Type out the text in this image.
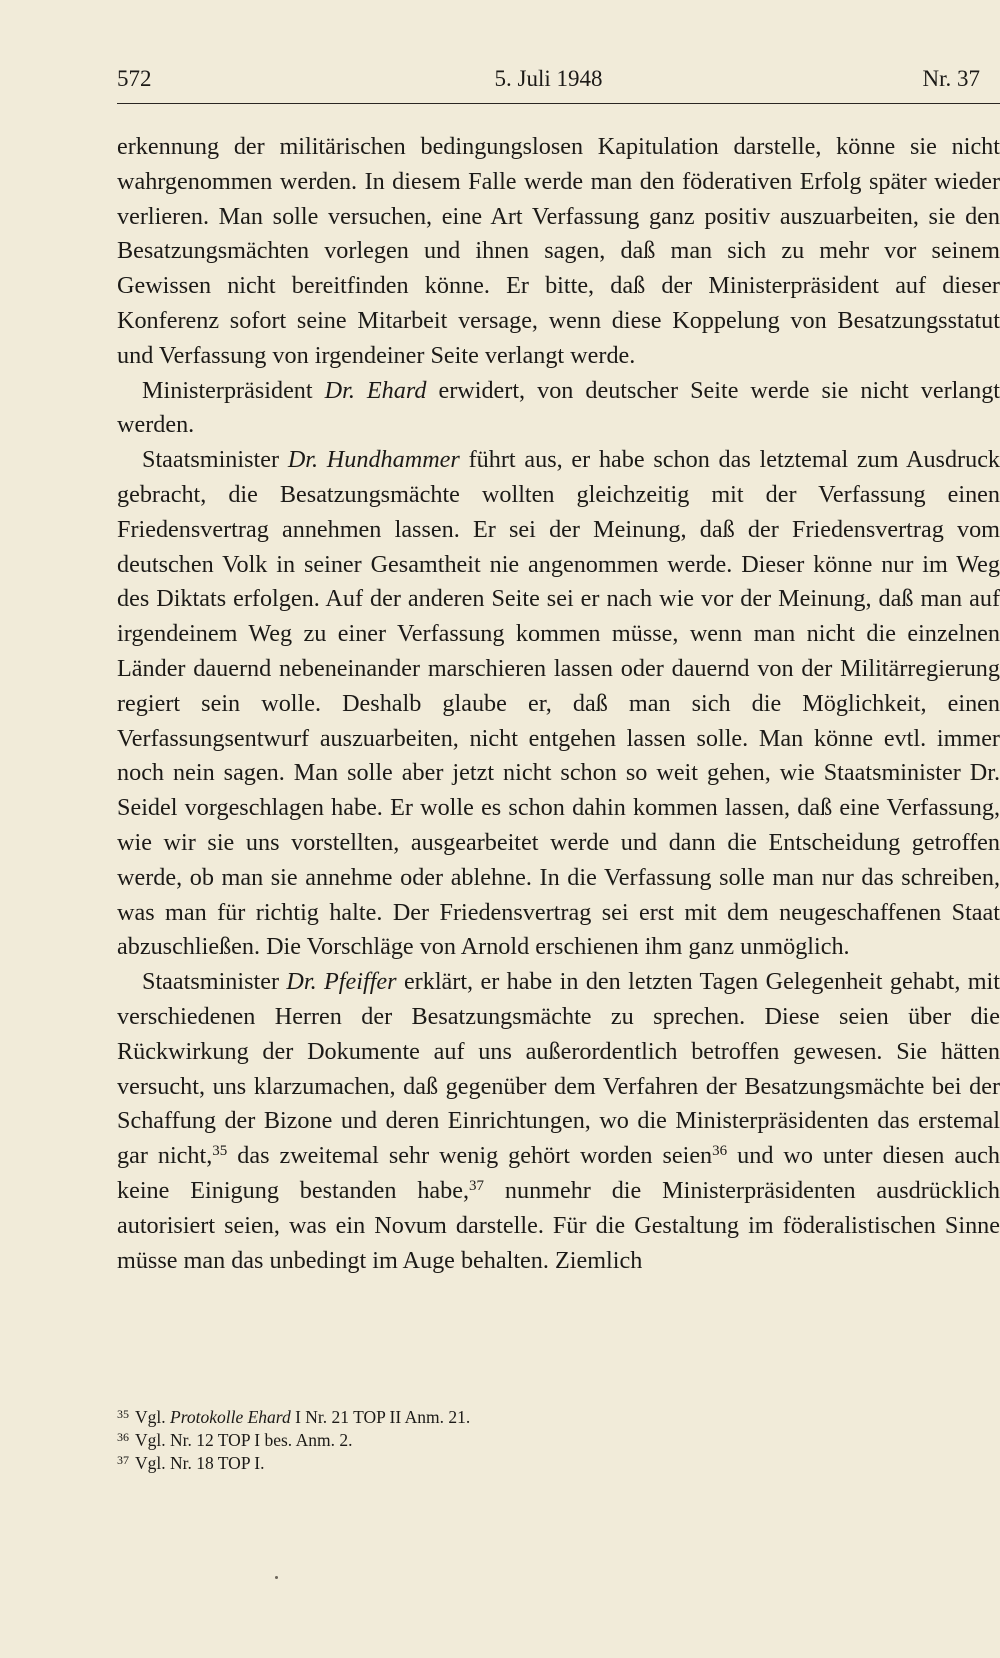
572	5. Juli 1948	Nr. 37

erkennung der militärischen bedingungslosen Kapitulation darstelle, könne sie nicht wahrgenommen werden. In diesem Falle werde man den föderativen Erfolg später wieder verlieren. Man solle versuchen, eine Art Verfassung ganz positiv auszuarbeiten, sie den Besatzungsmächten vorlegen und ihnen sagen, daß man sich zu mehr vor seinem Gewissen nicht bereitfinden könne. Er bitte, daß der Ministerpräsident auf dieser Konferenz sofort seine Mitarbeit versage, wenn diese Koppelung von Besatzungsstatut und Verfassung von irgendeiner Seite verlangt werde.

Ministerpräsident Dr. Ehard erwidert, von deutscher Seite werde sie nicht verlangt werden.

Staatsminister Dr. Hundhammer führt aus, er habe schon das letztemal zum Ausdruck gebracht, die Besatzungsmächte wollten gleichzeitig mit der Verfassung einen Friedensvertrag annehmen lassen. Er sei der Meinung, daß der Friedensvertrag vom deutschen Volk in seiner Gesamtheit nie angenommen werde. Dieser könne nur im Weg des Diktats erfolgen. Auf der anderen Seite sei er nach wie vor der Meinung, daß man auf irgendeinem Weg zu einer Verfassung kommen müsse, wenn man nicht die einzelnen Länder dauernd nebeneinander marschieren lassen oder dauernd von der Militärregierung regiert sein wolle. Deshalb glaube er, daß man sich die Möglichkeit, einen Verfassungsentwurf auszuarbeiten, nicht entgehen lassen solle. Man könne evtl. immer noch nein sagen. Man solle aber jetzt nicht schon so weit gehen, wie Staatsminister Dr. Seidel vorgeschlagen habe. Er wolle es schon dahin kommen lassen, daß eine Verfassung, wie wir sie uns vorstellten, ausgearbeitet werde und dann die Entscheidung getroffen werde, ob man sie annehme oder ablehne. In die Verfassung solle man nur das schreiben, was man für richtig halte. Der Friedensvertrag sei erst mit dem neugeschaffenen Staat abzuschließen. Die Vorschläge von Arnold erschienen ihm ganz unmöglich.

Staatsminister Dr. Pfeiffer erklärt, er habe in den letzten Tagen Gelegenheit gehabt, mit verschiedenen Herren der Besatzungsmächte zu sprechen. Diese seien über die Rückwirkung der Dokumente auf uns außerordentlich betroffen gewesen. Sie hätten versucht, uns klarzumachen, daß gegenüber dem Verfahren der Besatzungsmächte bei der Schaffung der Bizone und deren Einrichtungen, wo die Ministerpräsidenten das erstemal gar nicht,$^{35}$ das zweitemal sehr wenig gehört worden seien$^{36}$ und wo unter diesen auch keine Einigung bestanden habe,$^{37}$ nunmehr die Ministerpräsidenten ausdrücklich autorisiert seien, was ein Novum darstelle. Für die Gestaltung im föderalistischen Sinne müsse man das unbedingt im Auge behalten. Ziemlich

$^{35}$ Vgl. Protokolle Ehard I Nr. 21 TOP II Anm. 21.
$^{36}$ Vgl. Nr. 12 TOP I bes. Anm. 2.
$^{37}$ Vgl. Nr. 18 TOP I.
